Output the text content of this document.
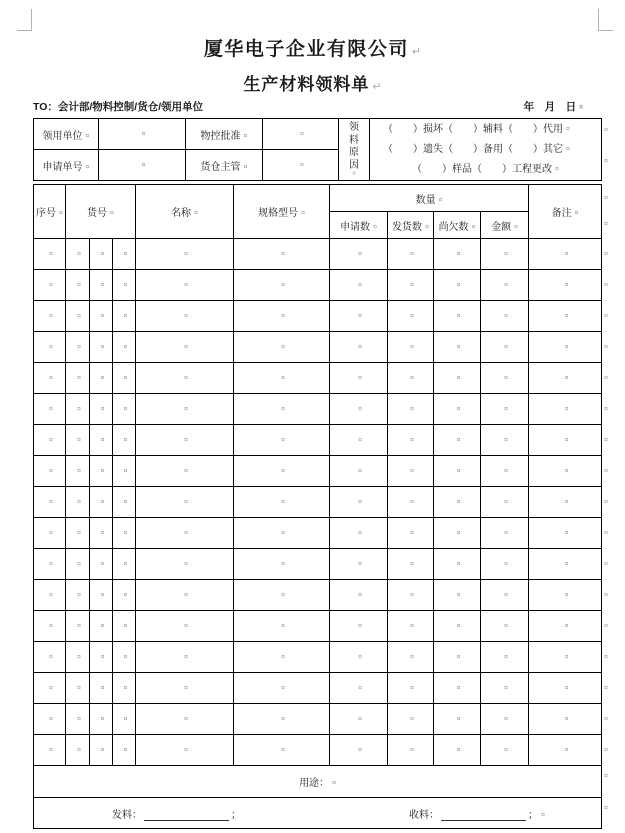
厦华电子企业有限公司 ↵
生产材料领料单 ↵
TO：会计部/物料控制/货仓/领用单位	年　月　日 ¤
领用单位 ¤	¤	物控批准 ¤	¤	领料原因 ¤	（　　）损坏（　　）辅料（　　）代用 ¤
（　　）遗失（　　）备用（　　）其它 ¤
（　　）样品（　　）工程更改 ¤

申请单号 ¤	¤	货仓主管 ¤	¤
序号 ¤	货号 ¤			名称 ¤	规格型号 ¤	数量 ¤				备注 ¤
						申请数 ¤	发货数 ¤	尚欠数 ¤	金额 ¤
¤	¤	¤	¤	¤	¤	¤	¤	¤	¤	¤
¤	¤	¤	¤	¤	¤	¤	¤	¤	¤	¤
¤	¤	¤	¤	¤	¤	¤	¤	¤	¤	¤
¤	¤	¤	¤	¤	¤	¤	¤	¤	¤	¤
¤	¤	¤	¤	¤	¤	¤	¤	¤	¤	¤
¤	¤	¤	¤	¤	¤	¤	¤	¤	¤	¤
¤	¤	¤	¤	¤	¤	¤	¤	¤	¤	¤
¤	¤	¤	¤	¤	¤	¤	¤	¤	¤	¤
¤	¤	¤	¤	¤	¤	¤	¤	¤	¤	¤
¤	¤	¤	¤	¤	¤	¤	¤	¤	¤	¤
¤	¤	¤	¤	¤	¤	¤	¤	¤	¤	¤
¤	¤	¤	¤	¤	¤	¤	¤	¤	¤	¤
¤	¤	¤	¤	¤	¤	¤	¤	¤	¤	¤
¤	¤	¤	¤	¤	¤	¤	¤	¤	¤	¤
¤	¤	¤	¤	¤	¤	¤	¤	¤	¤	¤
¤	¤	¤	¤	¤	¤	¤	¤	¤	¤	¤
¤	¤	¤	¤	¤	¤	¤	¤	¤	¤	¤
用途： ¤

发料： ； 收料： ； ¤
¤
¤
¤
¤
¤
¤
¤
¤
¤
¤
¤
¤
¤
¤
¤
¤
¤
¤
¤
¤
¤
¤
¤
